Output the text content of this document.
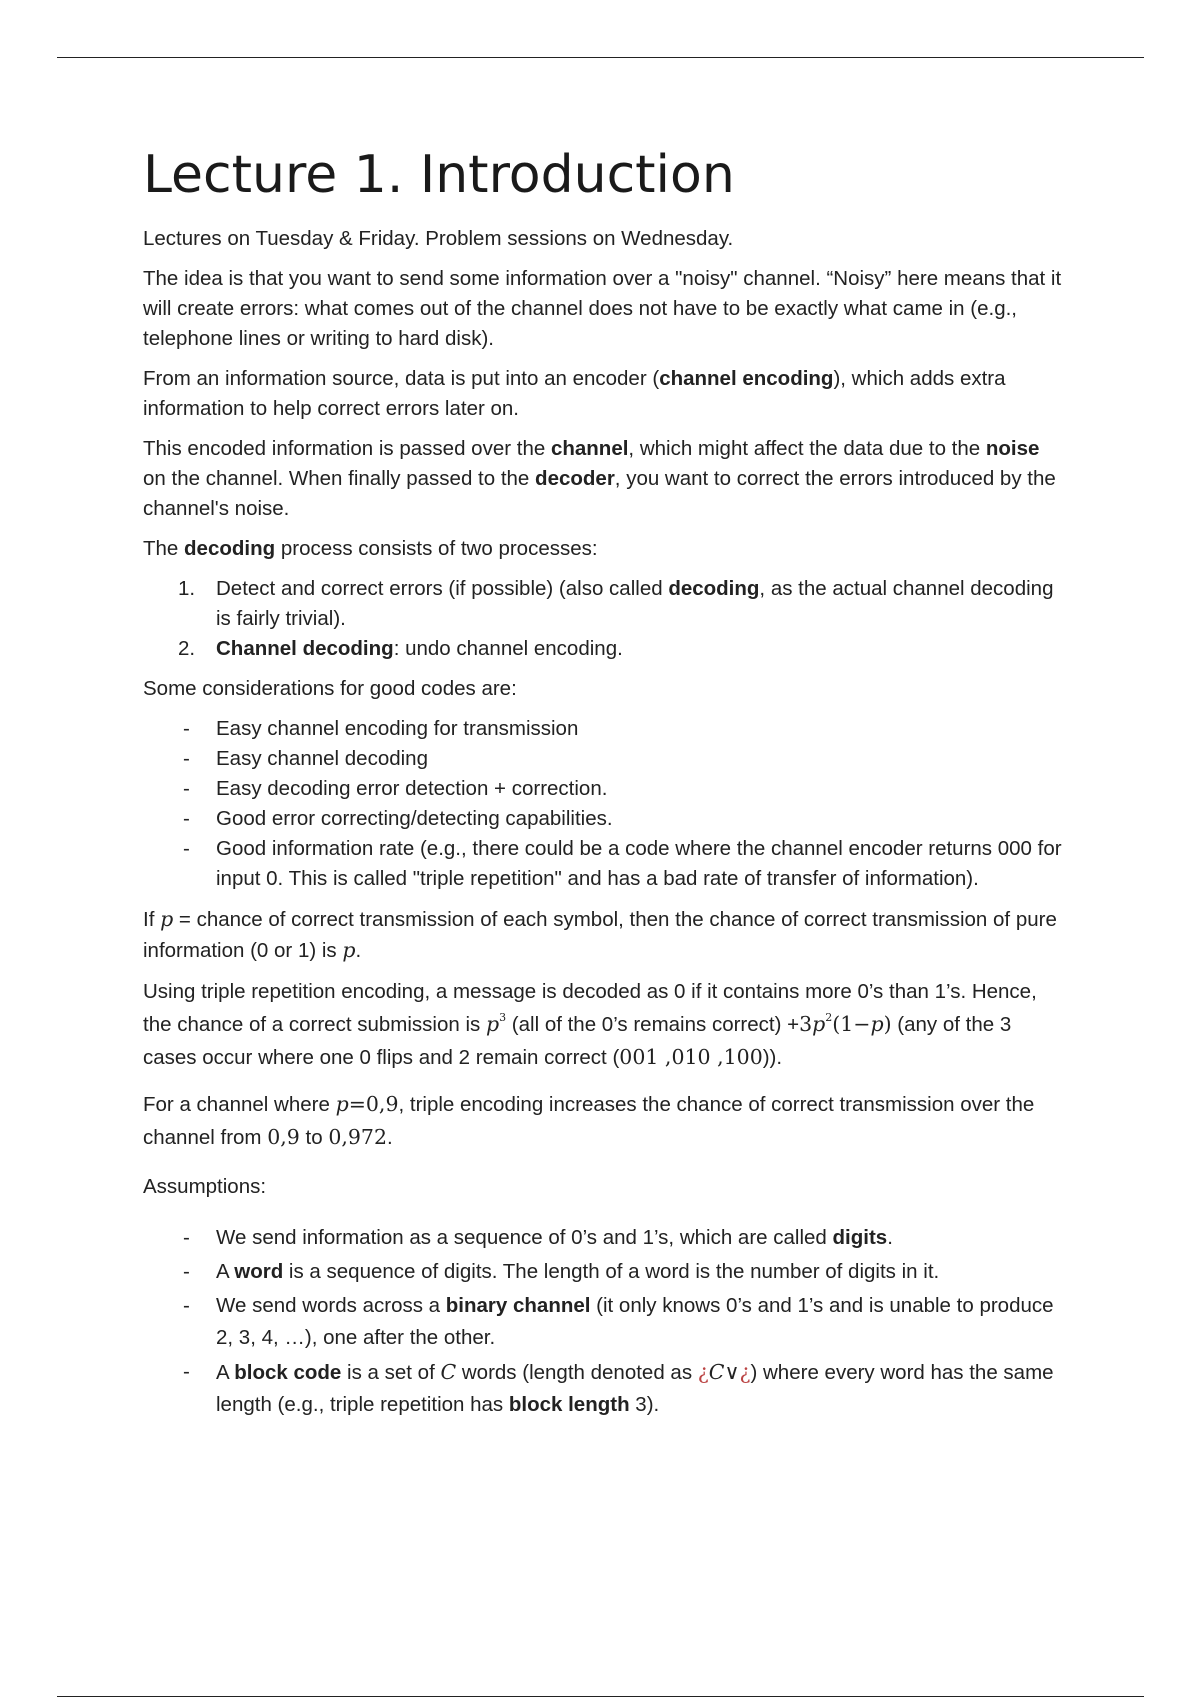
Lecture 1. Introduction

Lectures on Tuesday & Friday. Problem sessions on Wednesday.

The idea is that you want to send some information over a "noisy" channel. “Noisy” here means that it will create errors: what comes out of the channel does not have to be exactly what came in (e.g., telephone lines or writing to hard disk).

From an information source, data is put into an encoder (channel encoding), which adds extra information to help correct errors later on.

This encoded information is passed over the channel, which might affect the data due to the noise on the channel. When finally passed to the decoder, you want to correct the errors introduced by the channel's noise.

The decoding process consists of two processes:

1. Detect and correct errors (if possible) (also called decoding, as the actual channel decoding is fairly trivial).
2. Channel decoding: undo channel encoding.

Some considerations for good codes are:

- Easy channel encoding for transmission
- Easy channel decoding
- Easy decoding error detection + correction.
- Good error correcting/detecting capabilities.
- Good information rate (e.g., there could be a code where the channel encoder returns 000 for input 0. This is called "triple repetition" and has a bad rate of transfer of information).

If p = chance of correct transmission of each symbol, then the chance of correct transmission of pure information (0 or 1) is p.

Using triple repetition encoding, a message is decoded as 0 if it contains more 0’s than 1’s. Hence, the chance of a correct submission is $p^3$ (all of the 0’s remains correct) $+3p^2(1-p)$ (any of the 3 cases occur where one 0 flips and 2 remain correct (001 ,010 ,100)).

For a channel where p=0,9, triple encoding increases the chance of correct transmission over the channel from 0,9 to 0,972.

Assumptions:

- We send information as a sequence of 0’s and 1’s, which are called digits.
- A word is a sequence of digits. The length of a word is the number of digits in it.
- We send words across a binary channel (it only knows 0’s and 1’s and is unable to produce 2, 3, 4, …), one after the other.
- A block code is a set of C words (length denoted as ¿C∨¿) where every word has the same length (e.g., triple repetition has block length 3).
